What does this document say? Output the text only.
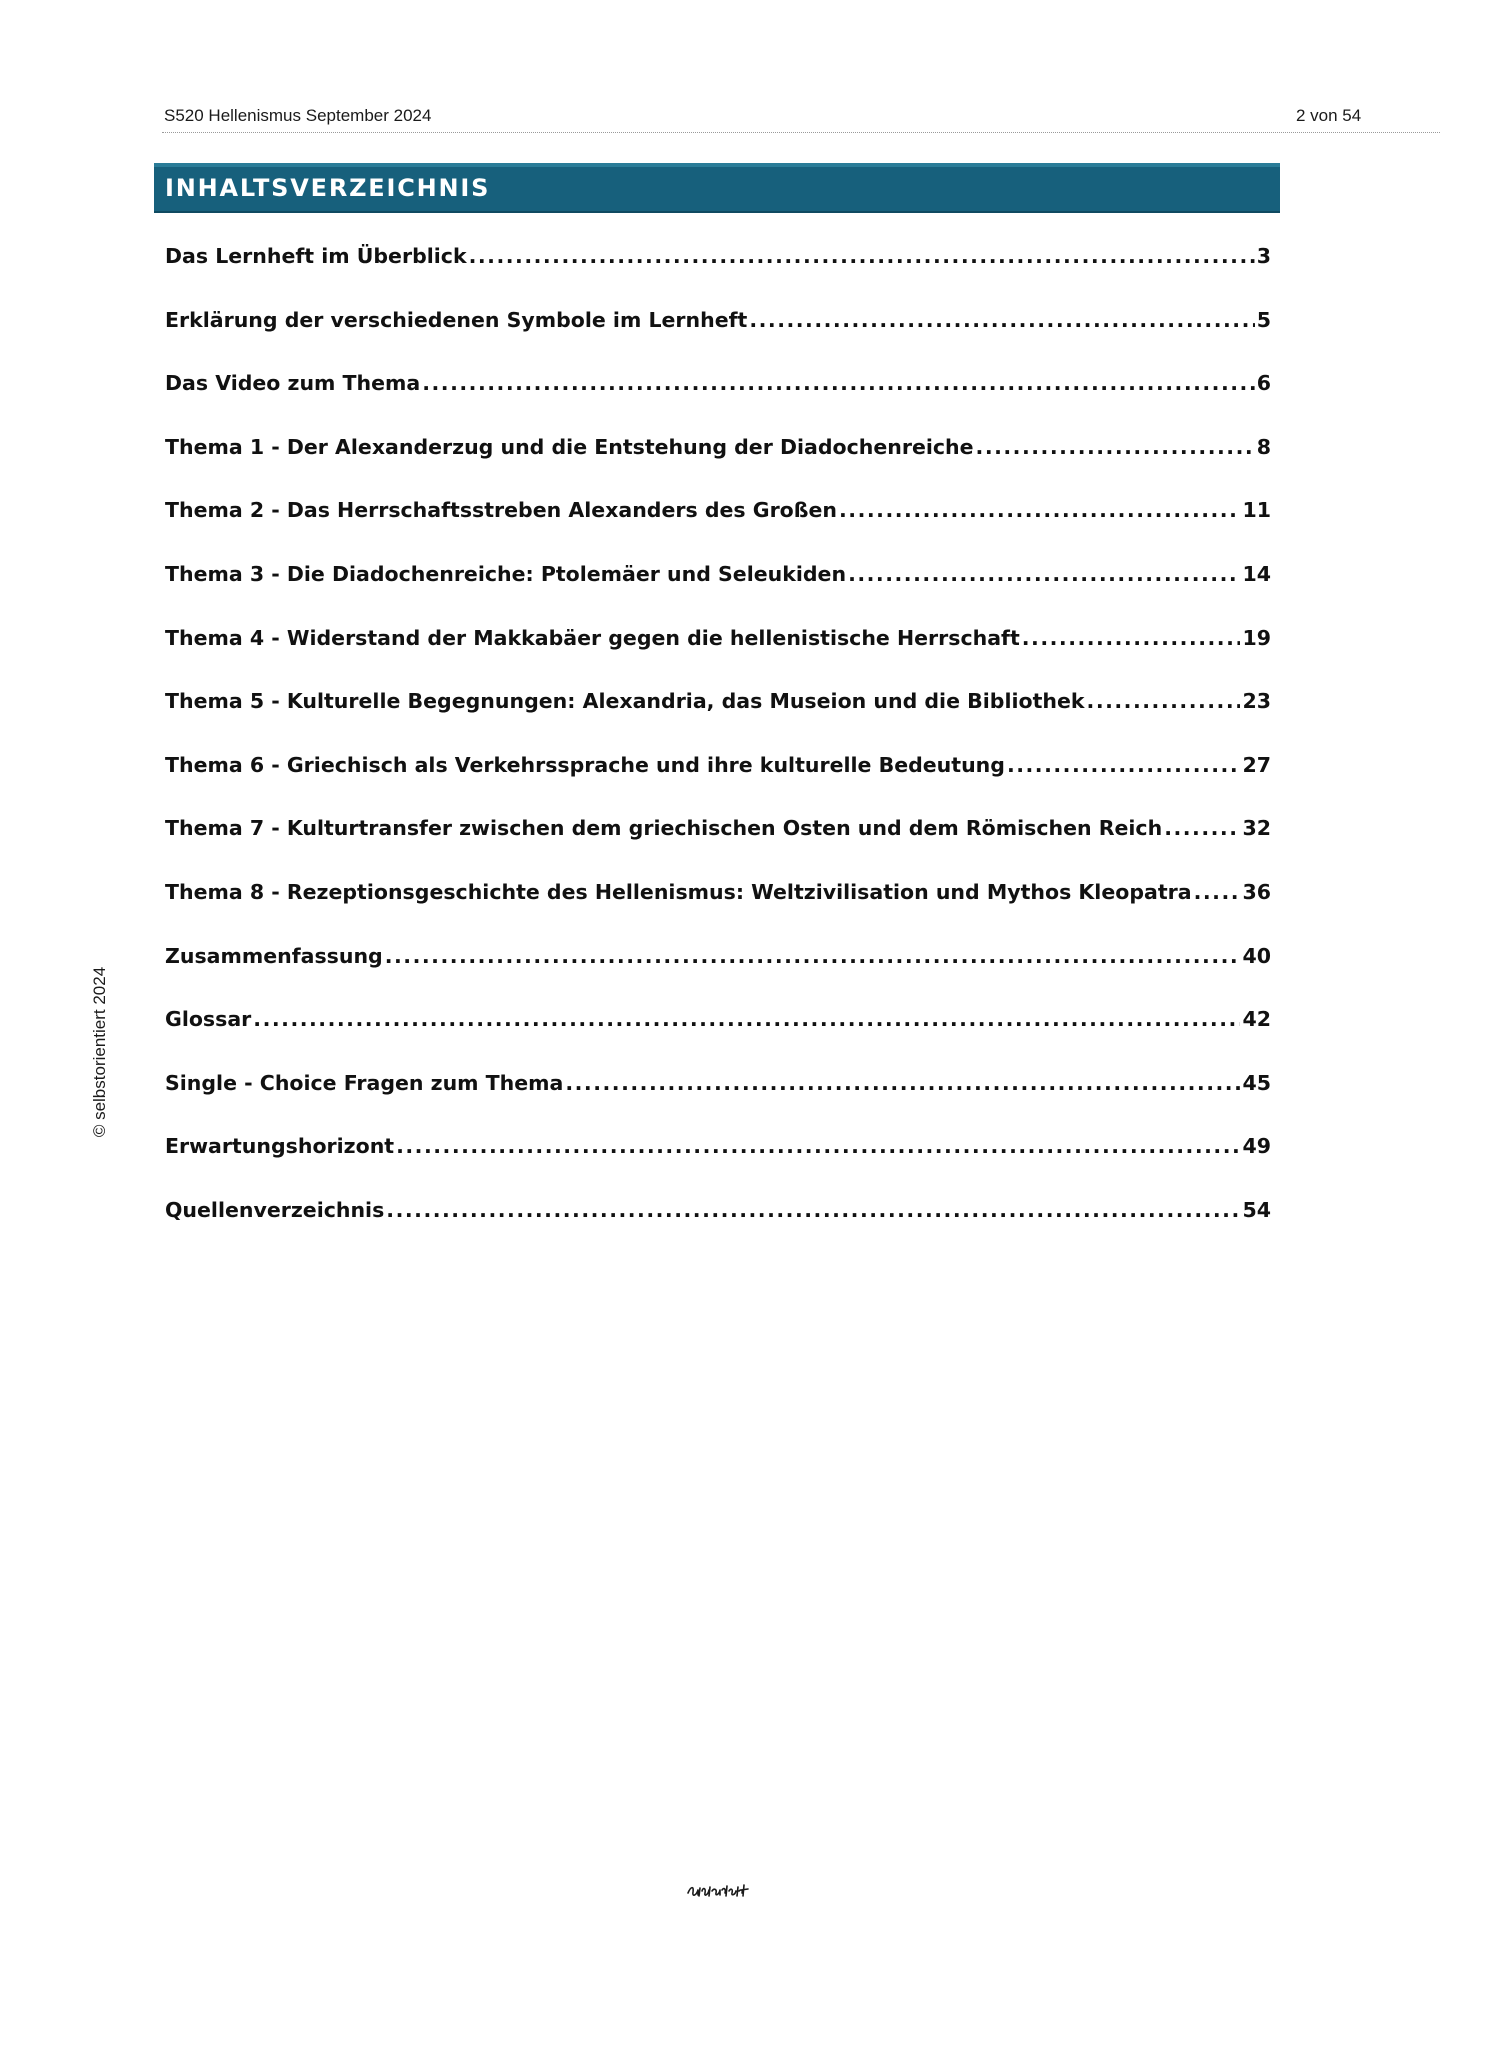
S520 Hellenismus September 2024	2 von 54
INHALTSVERZEICHNIS
Das Lernheft im Überblick .....	3
Erklärung der verschiedenen Symbole im Lernheft .....	5
Das Video zum Thema .....	6
Thema 1 - Der Alexanderzug und die Entstehung der Diadochenreiche .....	8
Thema 2 - Das Herrschaftsstreben Alexanders des Großen .....	11
Thema 3 - Die Diadochenreiche: Ptolemäer und Seleukiden .....	14
Thema 4 - Widerstand der Makkabäer gegen die hellenistische Herrschaft .....	19
Thema 5 - Kulturelle Begegnungen: Alexandria, das Museion und die Bibliothek .....	23
Thema 6 - Griechisch als Verkehrssprache und ihre kulturelle Bedeutung .....	27
Thema 7 - Kulturtransfer zwischen dem griechischen Osten und dem Römischen Reich .....	32
Thema 8 - Rezeptionsgeschichte des Hellenismus: Weltzivilisation und Mythos Kleopatra ..... 36
Zusammenfassung .....	40
Glossar .....	42
Single - Choice Fragen zum Thema .....	45
Erwartungshorizont .....	49
Quellenverzeichnis .....	54
© selbstorientiert 2024
